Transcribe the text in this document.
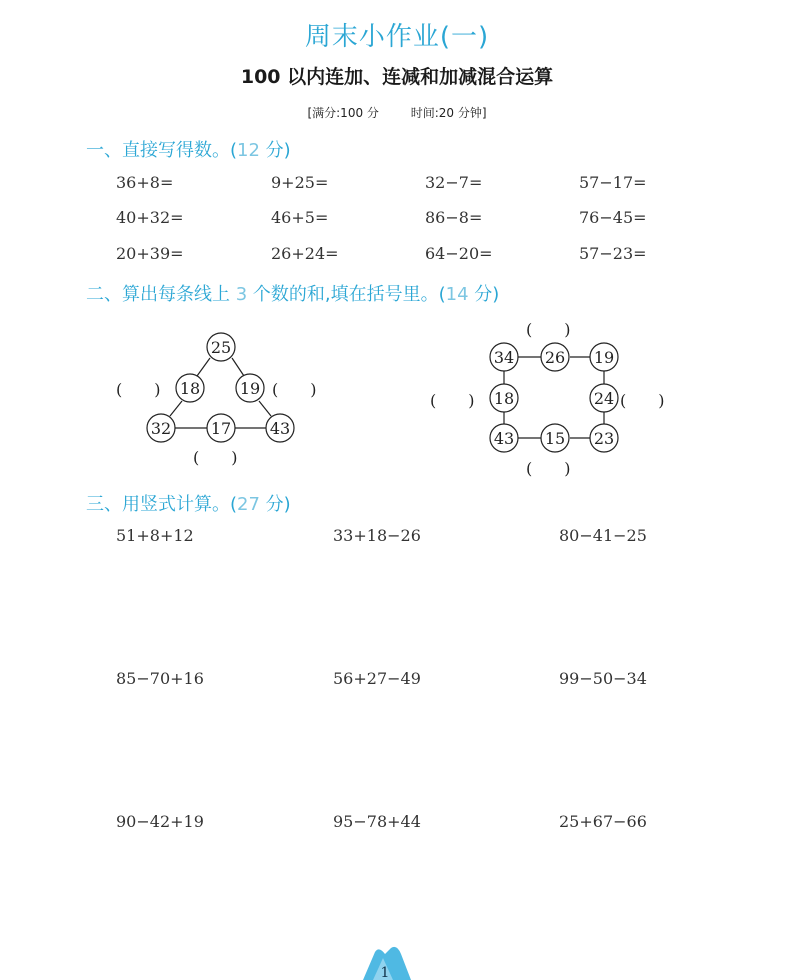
周末小作业(一)
100 以内连加、连减和加减混合运算
[满分:100 分	时间:20 分钟]
一、直接写得数。(12 分)
36+8=	9+25=	32−7=	57−17=
40+32=	46+5=	86−8=	76−45=
20+39=	26+24=	64−20=	57−23=
二、算出每条线上 3 个数的和,填在括号里。(14 分)
25
18 19
32 17 43
34 26 19
18	24
43 15 23
(　　)	(　　)
(　　)
(　　)
(　　)	(　　)
(　　)
三、用竖式计算。(27 分)
51+8+12	33+18−26	80−41−25
85−70+16	56+27−49	99−50−34
90−42+19	95−78+44	25+67−66
1
